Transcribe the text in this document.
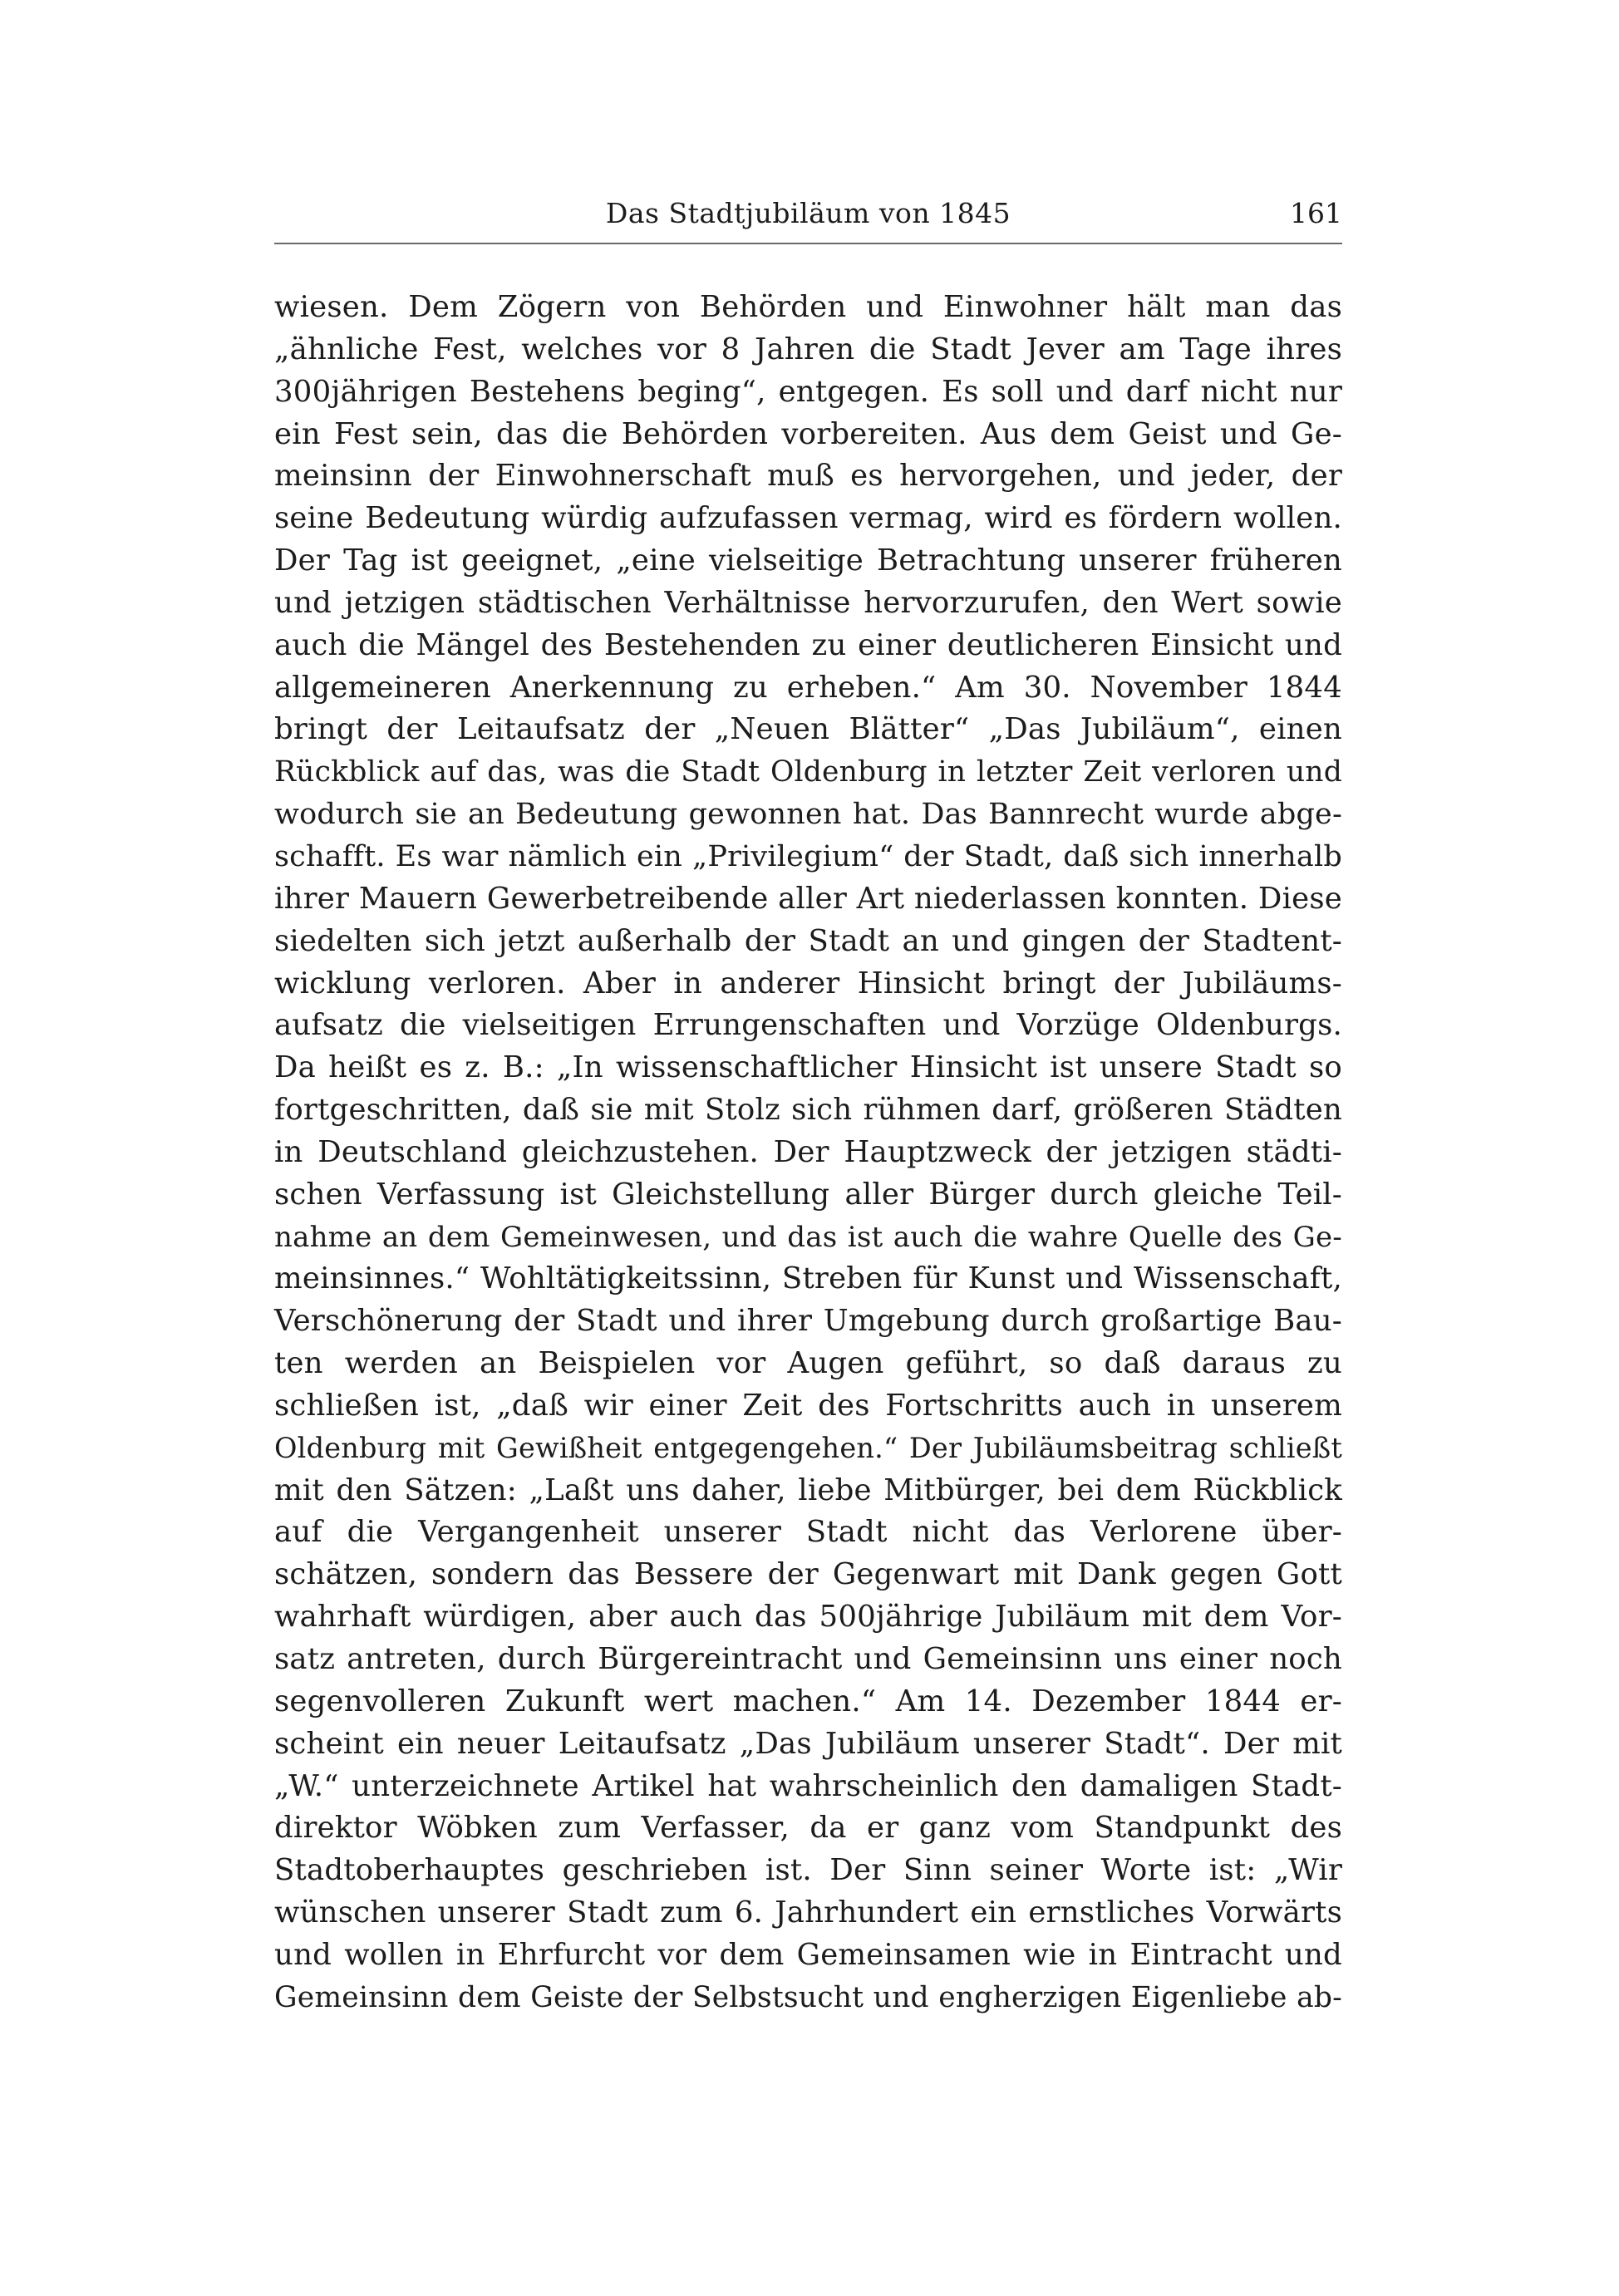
Das Stadtjubiläum von 1845	161
wiesen. Dem Zögern von Behörden und Einwohner hält man das
„ähnliche Fest, welches vor 8 Jahren die Stadt Jever am Tage ihres
300jährigen Bestehens beging“, entgegen. Es soll und darf nicht nur
ein Fest sein, das die Behörden vorbereiten. Aus dem Geist und Ge-
meinsinn der Einwohnerschaft muß es hervorgehen, und jeder, der
seine Bedeutung würdig aufzufassen vermag, wird es fördern wollen.
Der Tag ist geeignet, „eine vielseitige Betrachtung unserer früheren
und jetzigen städtischen Verhältnisse hervorzurufen, den Wert sowie
auch die Mängel des Bestehenden zu einer deutlicheren Einsicht und
allgemeineren Anerkennung zu erheben.“ Am 30. November 1844
bringt der Leitaufsatz der „Neuen Blätter“ „Das Jubiläum“, einen
Rückblick auf das, was die Stadt Oldenburg in letzter Zeit verloren und
wodurch sie an Bedeutung gewonnen hat. Das Bannrecht wurde abge-
schafft. Es war nämlich ein „Privilegium“ der Stadt, daß sich innerhalb
ihrer Mauern Gewerbetreibende aller Art niederlassen konnten. Diese
siedelten sich jetzt außerhalb der Stadt an und gingen der Stadtent-
wicklung verloren. Aber in anderer Hinsicht bringt der Jubiläums-
aufsatz die vielseitigen Errungenschaften und Vorzüge Oldenburgs.
Da heißt es z. B.: „In wissenschaftlicher Hinsicht ist unsere Stadt so
fortgeschritten, daß sie mit Stolz sich rühmen darf, größeren Städten
in Deutschland gleichzustehen. Der Hauptzweck der jetzigen städti-
schen Verfassung ist Gleichstellung aller Bürger durch gleiche Teil-
nahme an dem Gemeinwesen, und das ist auch die wahre Quelle des Ge-
meinsinnes.“ Wohltätigkeitssinn, Streben für Kunst und Wissenschaft,
Verschönerung der Stadt und ihrer Umgebung durch großartige Bau-
ten werden an Beispielen vor Augen geführt, so daß daraus zu
schließen ist, „daß wir einer Zeit des Fortschritts auch in unserem
Oldenburg mit Gewißheit entgegengehen.“ Der Jubiläumsbeitrag schließt
mit den Sätzen: „Laßt uns daher, liebe Mitbürger, bei dem Rückblick
auf die Vergangenheit unserer Stadt nicht das Verlorene über-
schätzen, sondern das Bessere der Gegenwart mit Dank gegen Gott
wahrhaft würdigen, aber auch das 500jährige Jubiläum mit dem Vor-
satz antreten, durch Bürgereintracht und Gemeinsinn uns einer noch
segenvolleren Zukunft wert machen.“ Am 14. Dezember 1844 er-
scheint ein neuer Leitaufsatz „Das Jubiläum unserer Stadt“. Der mit
„W.“ unterzeichnete Artikel hat wahrscheinlich den damaligen Stadt-
direktor Wöbken zum Verfasser, da er ganz vom Standpunkt des
Stadtoberhauptes geschrieben ist. Der Sinn seiner Worte ist: „Wir
wünschen unserer Stadt zum 6. Jahrhundert ein ernstliches Vorwärts
und wollen in Ehrfurcht vor dem Gemeinsamen wie in Eintracht und
Gemeinsinn dem Geiste der Selbstsucht und engherzigen Eigenliebe ab-
